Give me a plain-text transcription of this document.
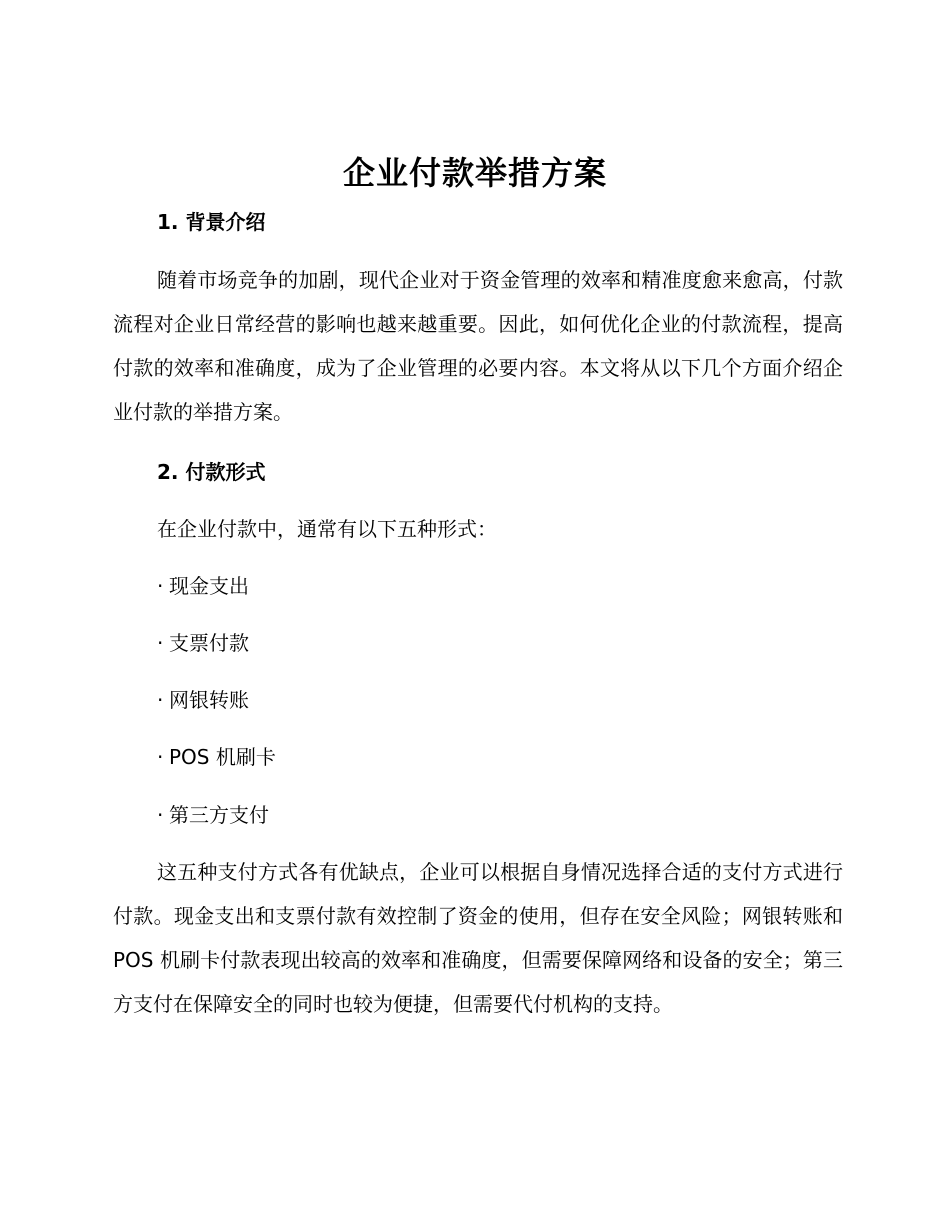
企业付款举措方案
1. 背景介绍

随着市场竞争的加剧，现代企业对于资金管理的效率和精准度愈来愈高，付款流程对企业日常经营的影响也越来越重要。因此，如何优化企业的付款流程，提高付款的效率和准确度，成为了企业管理的必要内容。本文将从以下几个方面介绍企业付款的举措方案。

2. 付款形式

在企业付款中，通常有以下五种形式：

· 现金支出
· 支票付款
· 网银转账
· POS 机刷卡
· 第三方支付

这五种支付方式各有优缺点，企业可以根据自身情况选择合适的支付方式进行付款。现金支出和支票付款有效控制了资金的使用，但存在安全风险；网银转账和 POS 机刷卡付款表现出较高的效率和准确度，但需要保障网络和设备的安全；第三方支付在保障安全的同时也较为便捷，但需要代付机构的支持。
